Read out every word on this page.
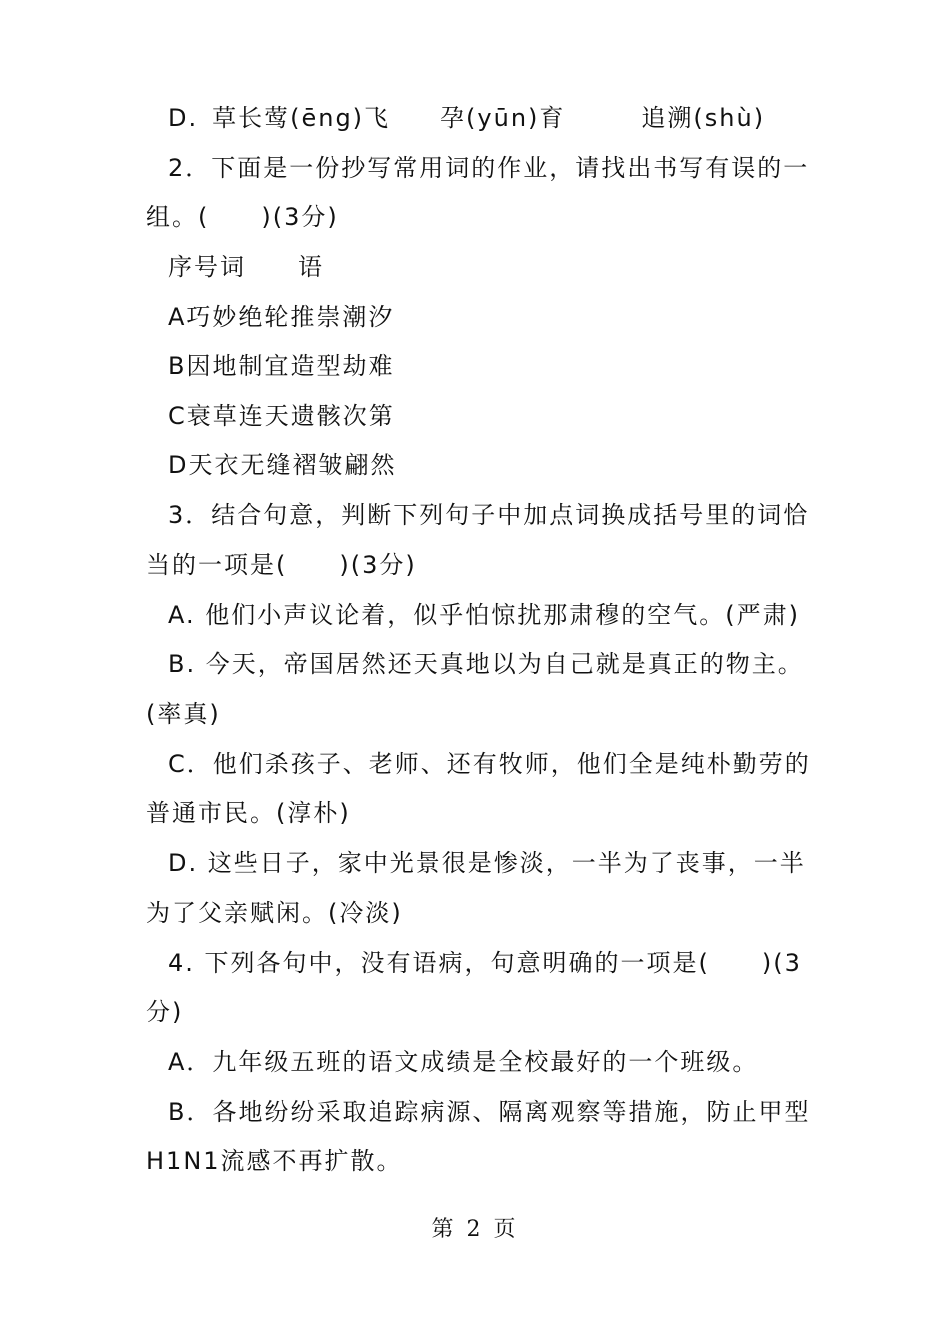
D. 草长莺(ēng)飞 孕(yūn)育	追溯(shù)
2．下面是一份抄写常用词的作业，请找出书写有误的一
组。(　　)(3分)
序号词 语
A巧妙绝轮推崇潮汐
B因地制宜造型劫难
C衰草连天遗骸次第
D天衣无缝褶皱翩然
3．结合句意，判断下列句子中加点词换成括号里的词恰
当的一项是(　　)(3分)
A. 他们小声议论着，似乎怕惊扰那肃穆的空气。(严肃)
B. 今天，帝国居然还天真地以为自己就是真正的物主。
(率真)
C．他们杀孩子、老师、还有牧师，他们全是纯朴勤劳的
普通市民。(淳朴)
D. 这些日子，家中光景很是惨淡，一半为了丧事，一半
为了父亲赋闲。(冷淡)
4. 下列各句中，没有语病，句意明确的一项是(　　)(3
分)
A．九年级五班的语文成绩是全校最好的一个班级。
B．各地纷纷采取追踪病源、隔离观察等措施，防止甲型
H1N1流感不再扩散。
第 2 页
